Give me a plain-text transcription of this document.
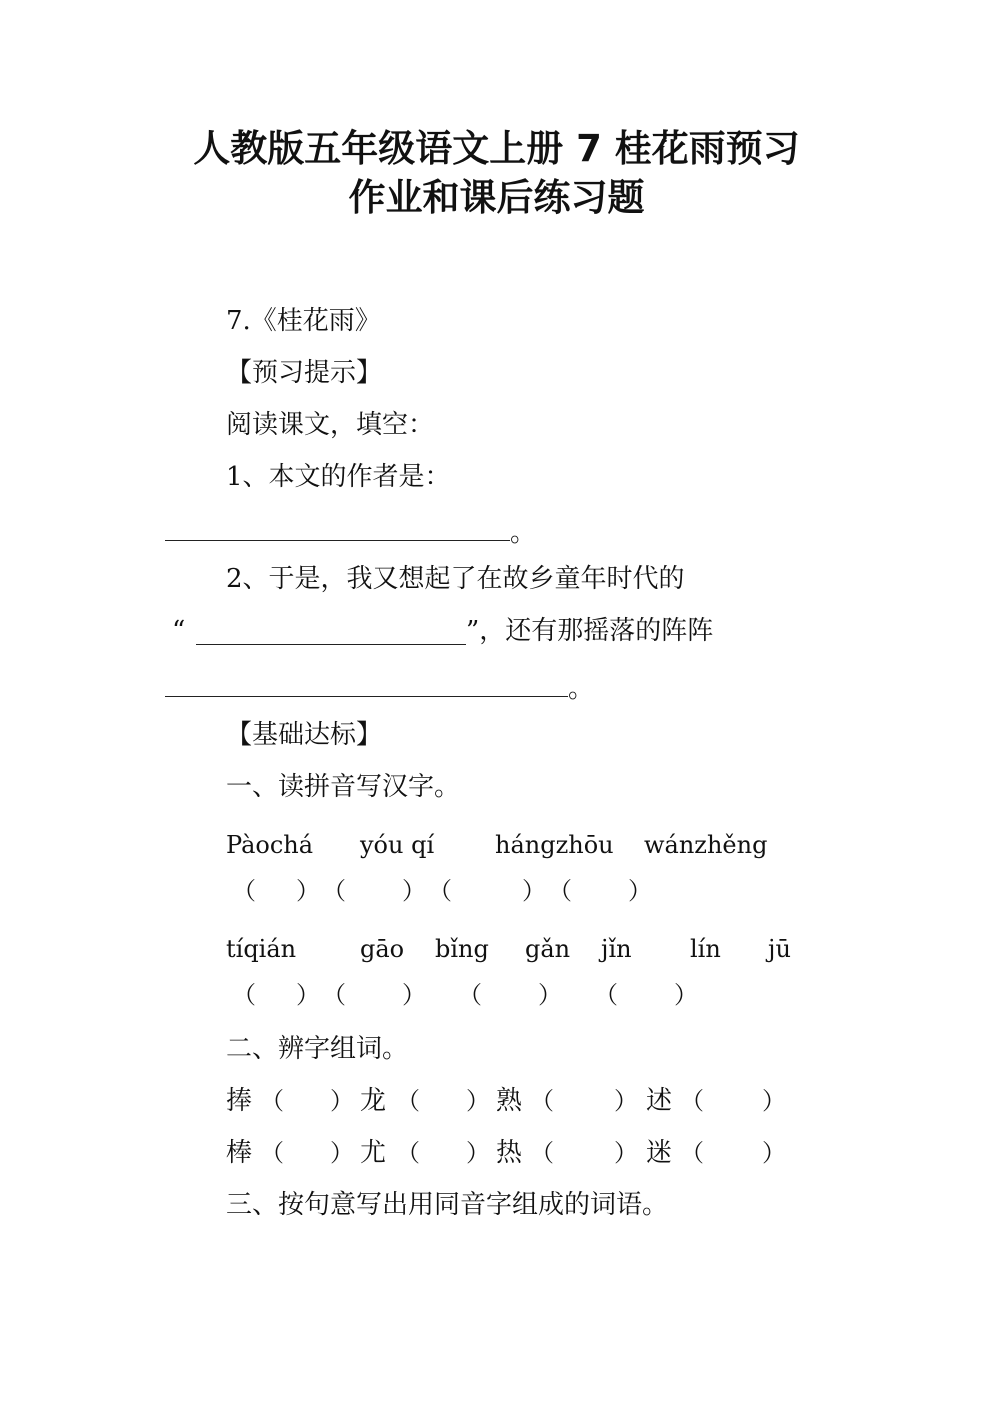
人教版五年级语文上册 7 桂花雨预习
作业和课后练习题
7.《桂花雨》
【预习提示】
阅读课文，填空：
1、本文的作者是：
。
2、于是，我又想起了在故乡童年时代的
“	”，还有那摇落的阵阵
。
【基础达标】
一、读拼音写汉字。
Pàochá yóu qí	hángzhōu wánzhěng
（ ） （ ） （	） （ ）
tíqián	gāo bǐng gǎn jǐn lín jū
（ ） （ ） （ ） （ ）
二、辨字组词。
捧 （ ） 龙 （ ） 熟 （	） 述 （ ）
棒 （ ） 尤 （ ） 热 （	） 迷 （ ）
三、按句意写出用同音字组成的词语。
